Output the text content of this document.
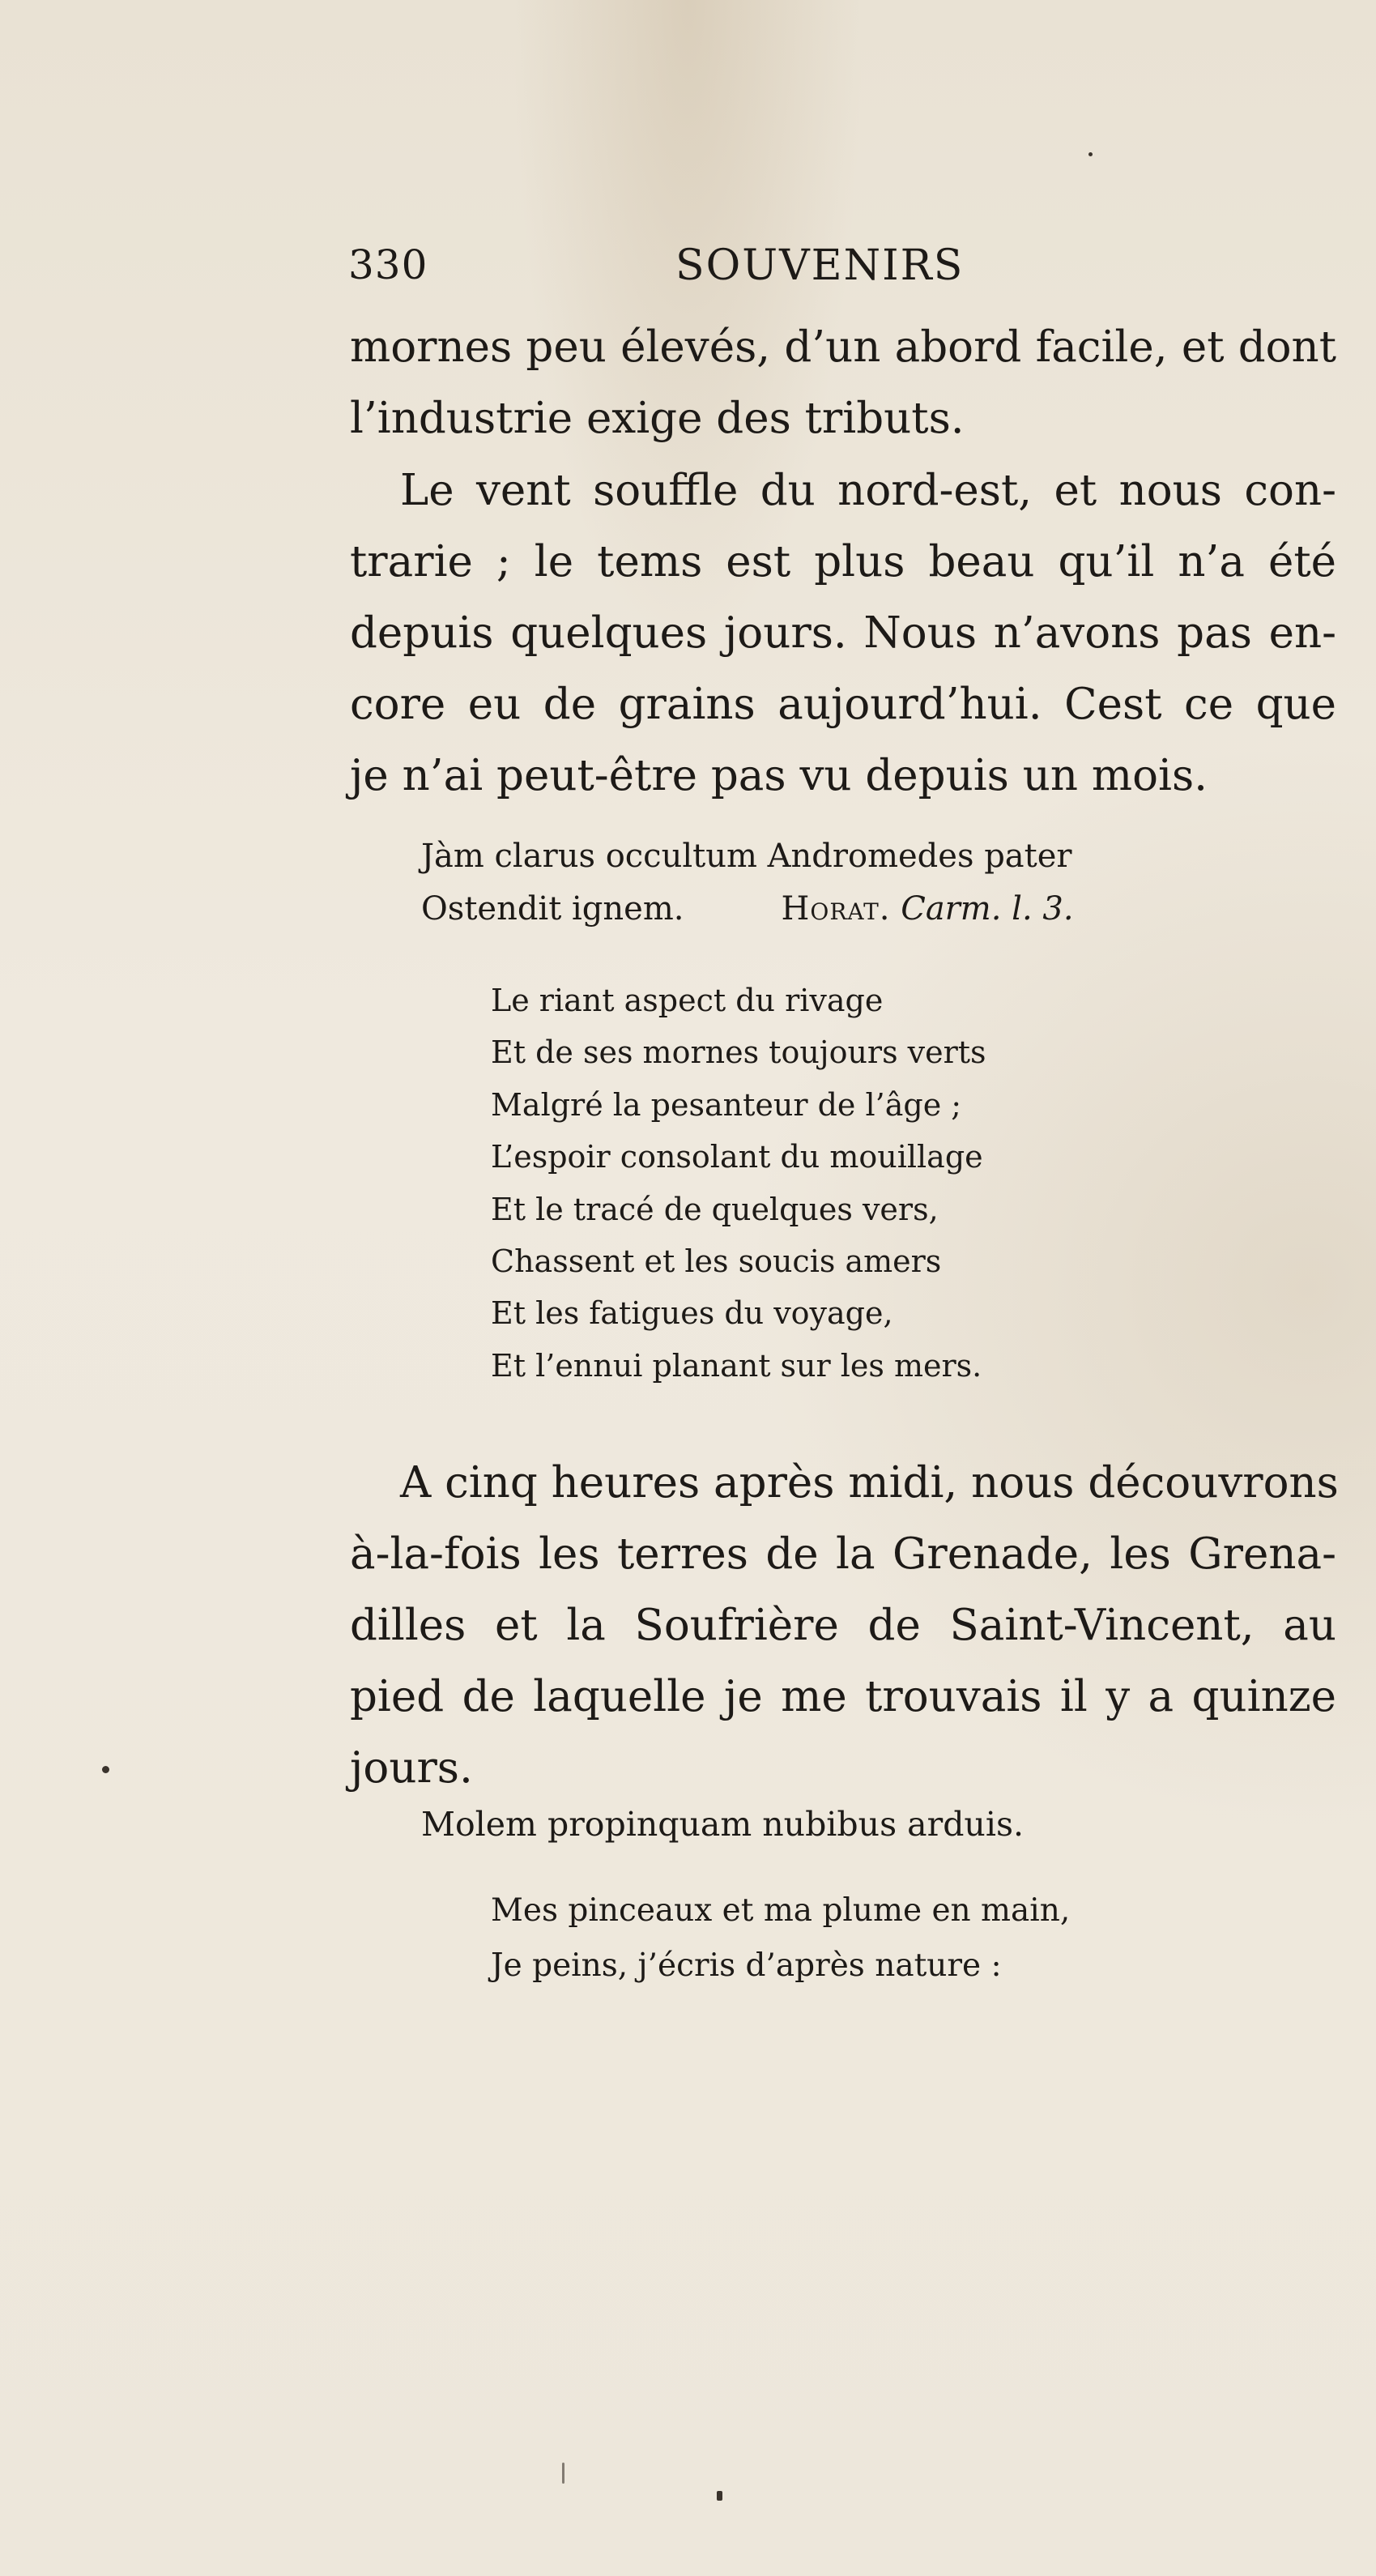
330	SOUVENIRS
mornes peu élevés, d’un abord facile, et dont
l’industrie exige des tributs.
Le vent souffle du nord-est, et nous con-
trarie ; le tems est plus beau qu’il n’a été
depuis quelques jours. Nous n’avons pas en-
core eu de grains aujourd’hui. Cest ce que
je n’ai peut-être pas vu depuis un mois.
Jàm clarus occultum Andromedes pater
Ostendit ignem.	Horat. Carm. l. 3.
Le riant aspect du rivage
Et de ses mornes toujours verts
Malgré la pesanteur de l’âge ;
L’espoir consolant du mouillage
Et le tracé de quelques vers,
Chassent et les soucis amers
Et les fatigues du voyage,
Et l’ennui planant sur les mers.
A cinq heures après midi, nous découvrons
à-la-fois les terres de la Grenade, les Grena-
dilles et la Soufrière de Saint-Vincent, au
pied de laquelle je me trouvais il y a quinze
jours.
Molem propinquam nubibus arduis.
Mes pinceaux et ma plume en main,
Je peins, j’écris d’après nature :
